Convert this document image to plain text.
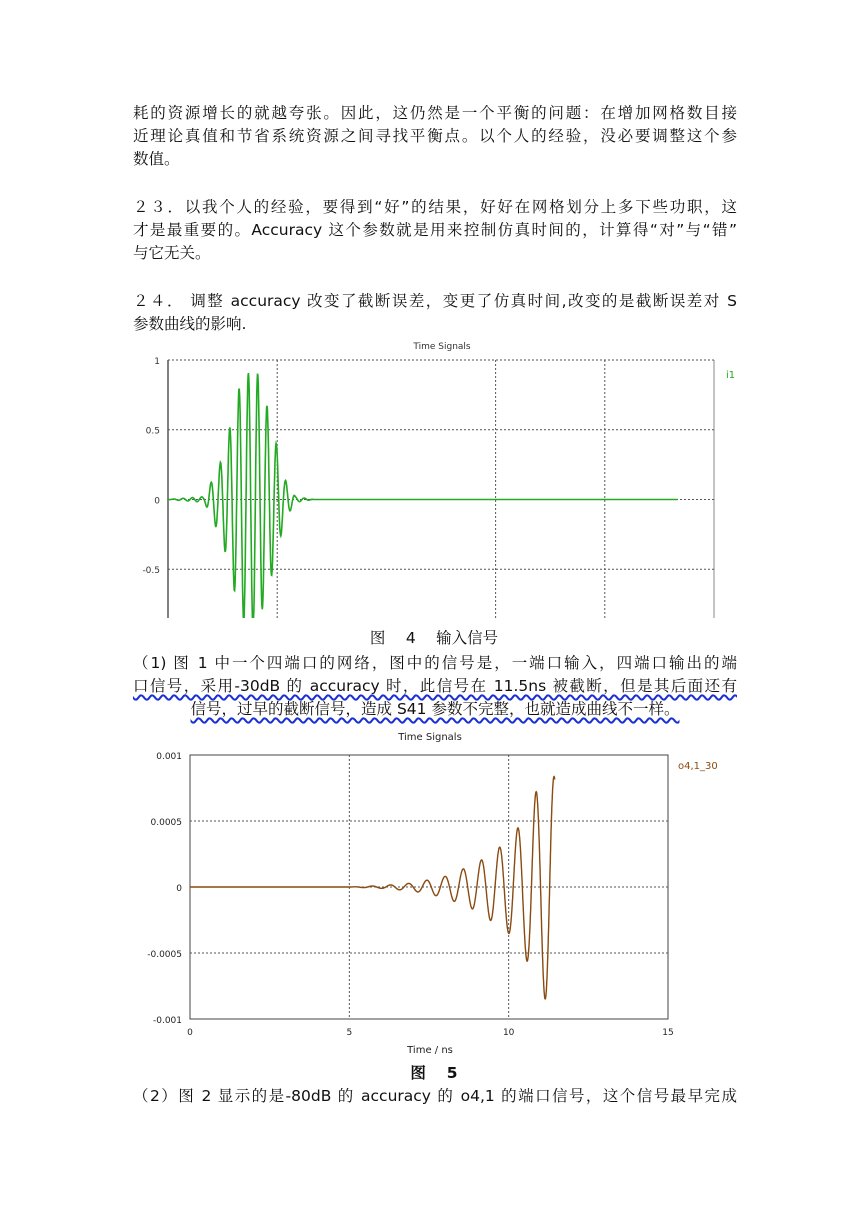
耗的资源增长的就越夸张。因此，这仍然是一个平衡的问题：在增加网格数目接
近理论真值和节省系统资源之间寻找平衡点。以个人的经验，没必要调整这个参
数值。
２３．以我个人的经验，要得到“好”的结果，好好在网格划分上多下些功职，这
才是最重要的。Accuracy 这个参数就是用来控制仿真时间的，计算得“对”与“错”
与它无关。
２４． 调整 accuracy 改变了截断误差，变更了仿真时间,改变的是截断误差对 S
参数曲线的影响.
Time Signals
1
0.5
0
-0.5
i1
图　 4　 输入信号
（1) 图 1 中一个四端口的网络，图中的信号是，一端口输入，四端口输出的端
口信号，采用-30dB 的 accuracy 时，此信号在 11.5ns 被截断，但是其后面还有
信号，过早的截断信号，造成 S41 参数不完整，也就造成曲线不一样。
Time Signals
0.001
0.0005
0
-0.0005
-0.001
0	5	10	15
o4,1_30
Time / ns
图　 5
（2）图 2 显示的是-80dB 的 accuracy 的 o4,1 的端口信号，这个信号最早完成
